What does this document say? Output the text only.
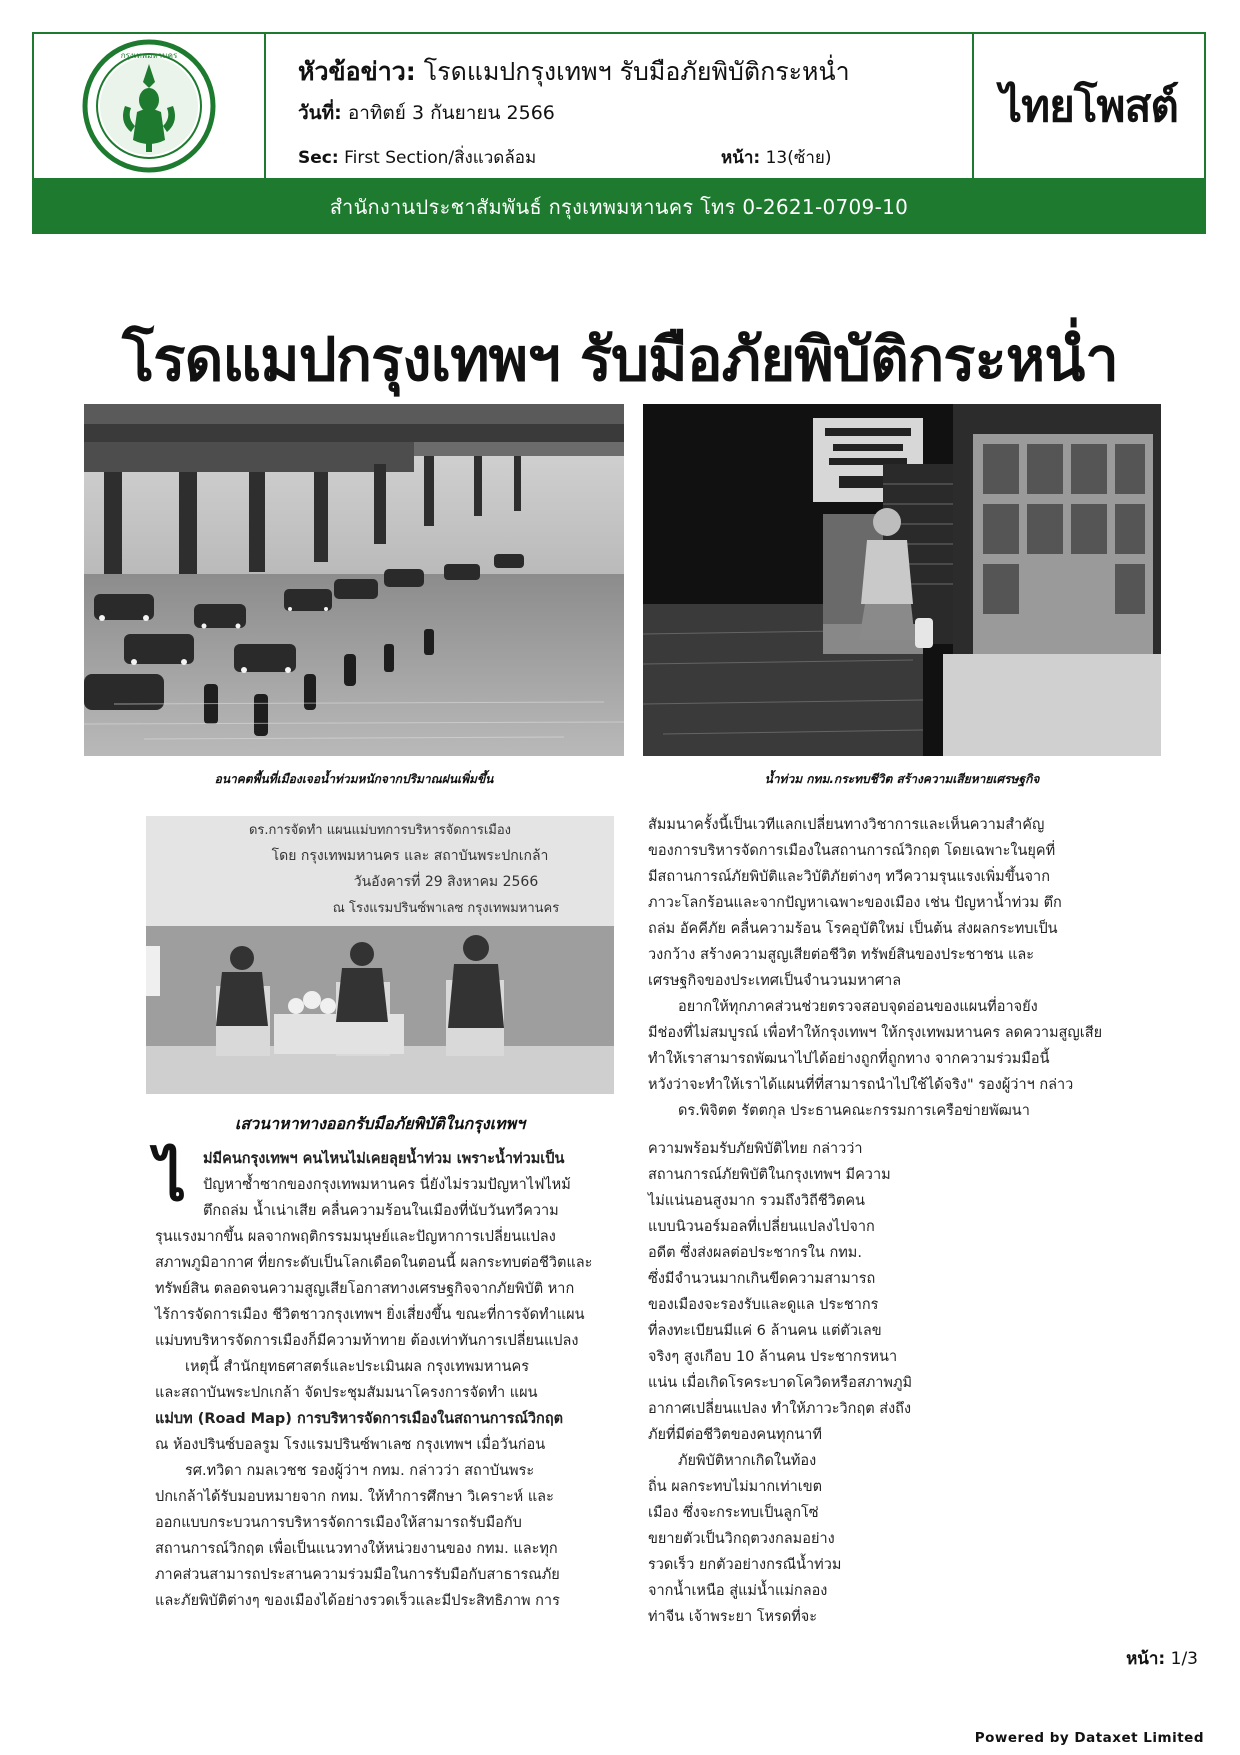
กรุงเทพมหานคร
หัวข้อข่าว: โรดแมปกรุงเทพฯ รับมือภัยพิบัติกระหน่ำ
วันที่: อาทิตย์ 3 กันยายน 2566
Sec: First Section/สิ่งแวดล้อม	หน้า: 13(ซ้าย)
ไทยโพสต์
สำนักงานประชาสัมพันธ์ กรุงเทพมหานคร โทร 0-2621-0709-10
โรดแมปกรุงเทพฯ รับมือภัยพิบัติกระหน่ำ
อนาคตพื้นที่เมืองเจอน้ำท่วมหนักจากปริมาณฝนเพิ่มขึ้น	น้ำท่วม กทม.กระทบชีวิต สร้างความเสียหายเศรษฐกิจ
ดร.การจัดทำ แผนแม่บทการบริหารจัดการเมือง
โดย กรุงเทพมหานคร และ สถาบันพระปกเกล้า
วันอังคารที่ 29 สิงหาคม 2566
ณ โรงแรมปรินซ์พาเลซ กรุงเทพมหานคร
เสวนาหาทางออกรับมือภัยพิบัติในกรุงเทพฯ
ไ	ม่มีคนกรุงเทพฯ คนไหนไม่เคยลุยน้ำท่วม เพราะน้ำท่วมเป็น

ปัญหาซ้ำซากของกรุงเทพมหานคร นี่ยังไม่รวมปัญหาไฟไหม้

ตึกถล่ม น้ำเน่าเสีย คลื่นความร้อนในเมืองที่นับวันทวีความ

รุนแรงมากขึ้น ผลจากพฤติกรรมมนุษย์และปัญหาการเปลี่ยนแปลง

สภาพภูมิอากาศ ที่ยกระดับเป็นโลกเดือดในตอนนี้ ผลกระทบต่อชีวิตและ

ทรัพย์สิน ตลอดจนความสูญเสียโอกาสทางเศรษฐกิจจากภัยพิบัติ หาก

ไร้การจัดการเมือง ชีวิตชาวกรุงเทพฯ ยิ่งเสี่ยงขึ้น ขณะที่การจัดทำแผน

แม่บทบริหารจัดการเมืองก็มีความท้าทาย ต้องเท่าทันการเปลี่ยนแปลง

เหตุนี้ สำนักยุทธศาสตร์และประเมินผล กรุงเทพมหานคร

และสถาบันพระปกเกล้า จัดประชุมสัมมนาโครงการจัดทำ แผน

แม่บท (Road Map) การบริหารจัดการเมืองในสถานการณ์วิกฤต

ณ ห้องปรินซ์บอลรูม โรงแรมปรินซ์พาเลซ กรุงเทพฯ เมื่อวันก่อน

รศ.ทวิดา กมลเวชช รองผู้ว่าฯ กทม. กล่าวว่า สถาบันพระ

ปกเกล้าได้รับมอบหมายจาก กทม. ให้ทำการศึกษา วิเคราะห์ และ

ออกแบบกระบวนการบริหารจัดการเมืองให้สามารถรับมือกับ

สถานการณ์วิกฤต เพื่อเป็นแนวทางให้หน่วยงานของ กทม. และทุก

ภาคส่วนสามารถประสานความร่วมมือในการรับมือกับสาธารณภัย

และภัยพิบัติต่างๆ ของเมืองได้อย่างรวดเร็วและมีประสิทธิภาพ การ

สัมมนาครั้งนี้เป็นเวทีแลกเปลี่ยนทางวิชาการและเห็นความสำคัญ

ของการบริหารจัดการเมืองในสถานการณ์วิกฤต โดยเฉพาะในยุคที่

มีสถานการณ์ภัยพิบัติและวิบัติภัยต่างๆ ทวีความรุนแรงเพิ่มขึ้นจาก

ภาวะโลกร้อนและจากปัญหาเฉพาะของเมือง เช่น ปัญหาน้ำท่วม ตึก

ถล่ม อัคคีภัย คลื่นความร้อน โรคอุบัติใหม่ เป็นต้น ส่งผลกระทบเป็น

วงกว้าง สร้างความสูญเสียต่อชีวิต ทรัพย์สินของประชาชน และ

เศรษฐกิจของประเทศเป็นจำนวนมหาศาล

อยากให้ทุกภาคส่วนช่วยตรวจสอบจุดอ่อนของแผนที่อาจยัง

มีช่องที่ไม่สมบูรณ์ เพื่อทำให้กรุงเทพฯ ให้กรุงเทพมหานคร ลดความสูญเสีย

ทำให้เราสามารถพัฒนาไปได้อย่างถูกที่ถูกทาง จากความร่วมมือนี้

หวังว่าจะทำให้เราได้แผนที่ที่สามารถนำไปใช้ได้จริง" รองผู้ว่าฯ กล่าว

ดร.พิจิตต รัตตกุล ประธานคณะกรรมการเครือข่ายพัฒนา

ความพร้อมรับภัยพิบัติไทย กล่าวว่า

สถานการณ์ภัยพิบัติในกรุงเทพฯ มีความ

ไม่แน่นอนสูงมาก รวมถึงวิถีชีวิตคน

แบบนิวนอร์มอลที่เปลี่ยนแปลงไปจาก

อดีต ซึ่งส่งผลต่อประชากรใน กทม.

ซึ่งมีจำนวนมากเกินขีดความสามารถ

ของเมืองจะรองรับและดูแล ประชากร

ที่ลงทะเบียนมีแค่ 6 ล้านคน แต่ตัวเลข

จริงๆ สูงเกือบ 10 ล้านคน ประชากรหนา

แน่น เมื่อเกิดโรคระบาดโควิดหรือสภาพภูมิ

อากาศเปลี่ยนแปลง ทำให้ภาวะวิกฤต ส่งถึง

ภัยที่มีต่อชีวิตของคนทุกนาที

ภัยพิบัติหากเกิดในท้อง

ถิ่น ผลกระทบไม่มากเท่าเขต

เมือง ซึ่งจะกระทบเป็นลูกโซ่

ขยายตัวเป็นวิกฤตวงกลมอย่าง

รวดเร็ว ยกตัวอย่างกรณีน้ำท่วม

จากน้ำเหนือ สู่แม่น้ำแม่กลอง

ท่าจีน เจ้าพระยา โหรดที่จะ

หน้า: 1/3
Powered by Dataxet Limited
